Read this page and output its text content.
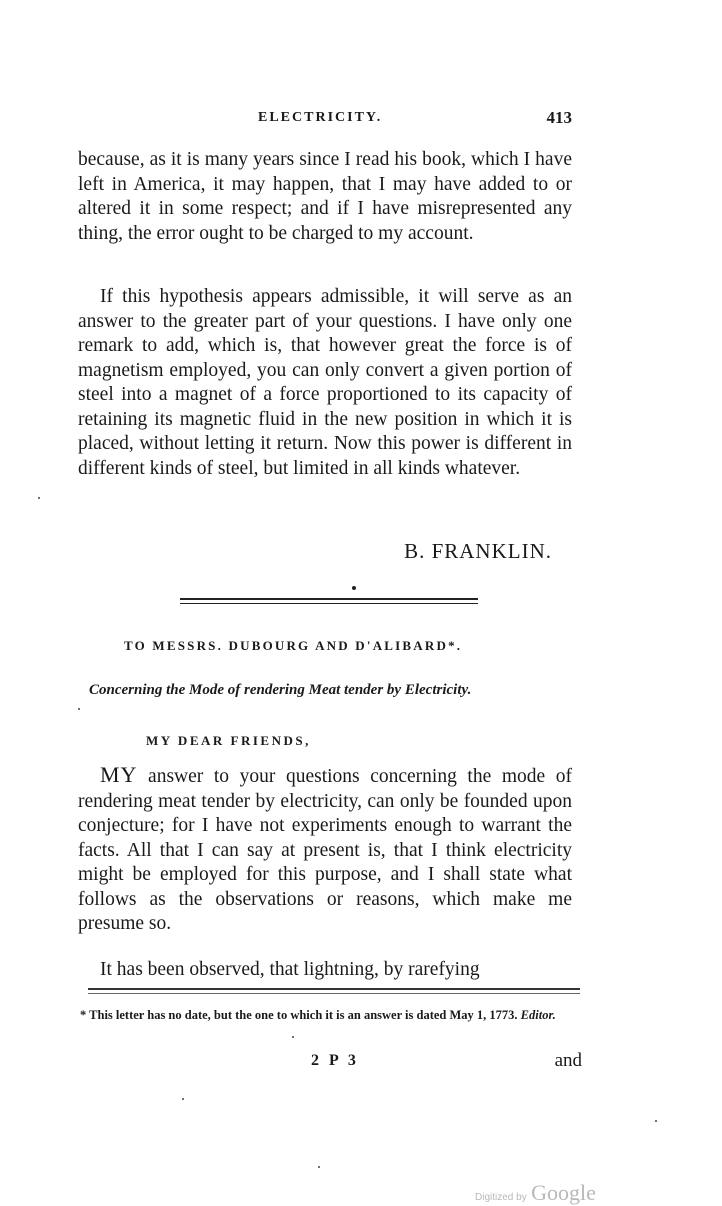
ELECTRICITY.	413

because, as it is many years since I read his book, which I have left in America, it may happen, that I may have added to or altered it in some respect; and if I have misrepresented any thing, the error ought to be charged to my account.

If this hypothesis appears admissible, it will serve as an answer to the greater part of your questions. I have only one remark to add, which is, that however great the force is of magnetism employed, you can only convert a given portion of steel into a magnet of a force proportioned to its capacity of retaining its magnetic fluid in the new position in which it is placed, without letting it return. Now this power is different in different kinds of steel, but limited in all kinds whatever.

B. FRANKLIN.
TO MESSRS. DUBOURG AND D'ALIBARD*.
Concerning the Mode of rendering Meat tender by Electricity.
MY DEAR FRIENDS,

MY answer to your questions concerning the mode of rendering meat tender by electricity, can only be founded upon conjecture; for I have not experiments enough to warrant the facts. All that I can say at present is, that I think electricity might be employed for this purpose, and I shall state what follows as the observations or reasons, which make me presume so.

It has been observed, that lightning, by rarefying

* This letter has no date, but the one to which it is an answer is dated May 1, 1773. Editor.
2 P 3	and
Digitized by Google
